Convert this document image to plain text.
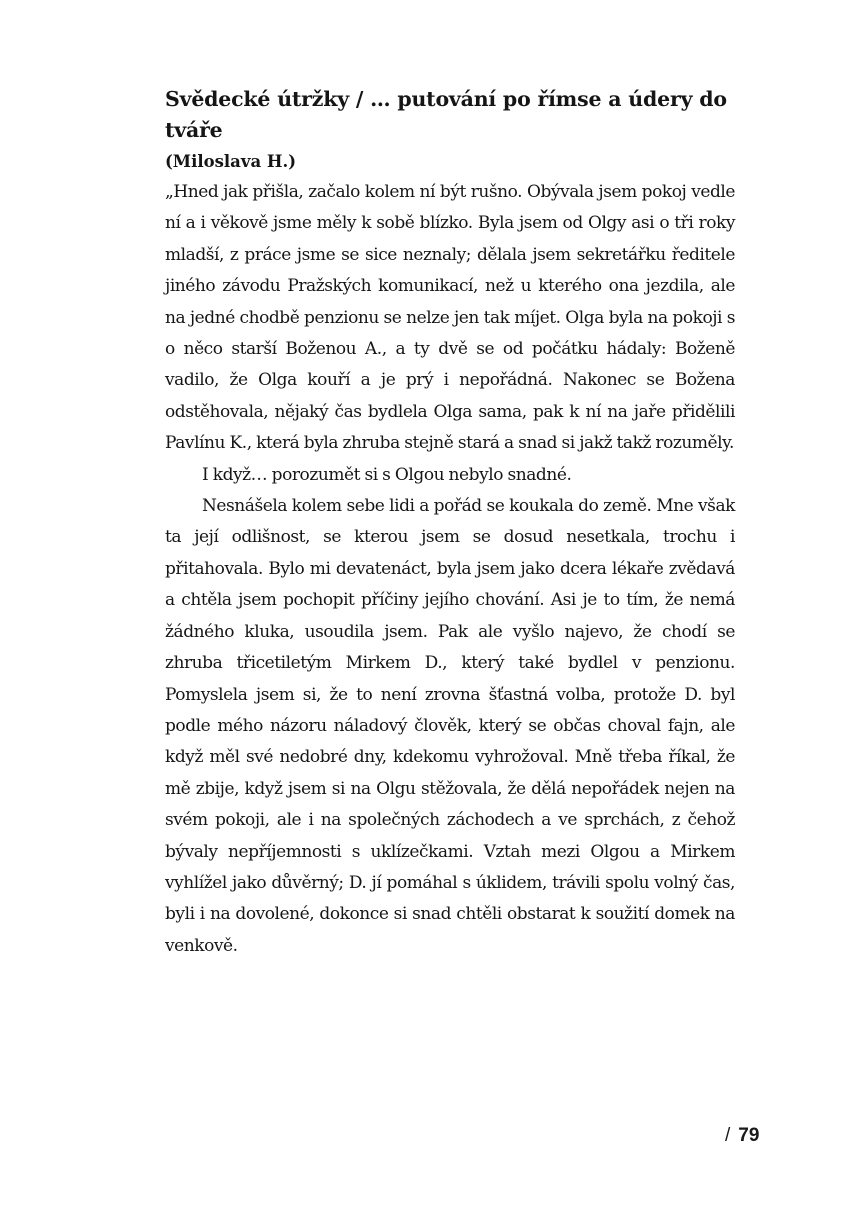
Svědecké útržky / … putování po římse a údery do tváře

(Miloslava H.)

„Hned jak přišla, začalo kolem ní být rušno. Obývala jsem pokoj vedle ní a i věkově jsme měly k sobě blízko. Byla jsem od Olgy asi o tři roky mladší, z práce jsme se sice neznaly; dělala jsem sekretářku ředitele jiného závodu Pražských komunikací, než u kterého ona jezdila, ale na jedné chodbě penzionu se nelze jen tak míjet. Olga byla na pokoji s o něco starší Boženou A., a ty dvě se od počátku hádaly: Boženě vadilo, že Olga kouří a je prý i nepořádná. Nakonec se Božena odstěhovala, nějaký čas bydlela Olga sama, pak k ní na jaře přidělili Pavlínu K., která byla zhruba stejně stará a snad si jakž takž rozuměly.

I když… porozumět si s Olgou nebylo snadné.

Nesnášela kolem sebe lidi a pořád se koukala do země. Mne však ta její odlišnost, se kterou jsem se dosud nesetkala, trochu i přitahovala. Bylo mi devatenáct, byla jsem jako dcera lékaře zvědavá a chtěla jsem pochopit příčiny jejího chování. Asi je to tím, že nemá žádného kluka, usoudila jsem. Pak ale vyšlo najevo, že chodí se zhruba třicetiletým Mirkem D., který také bydlel v penzionu. Pomyslela jsem si, že to není zrovna šťastná volba, protože D. byl podle mého názoru náladový člověk, který se občas choval fajn, ale když měl své nedobré dny, kdekomu vyhrožoval. Mně třeba říkal, že mě zbije, když jsem si na Olgu stěžovala, že dělá nepořádek nejen na svém pokoji, ale i na společných záchodech a ve sprchách, z čehož bývaly nepříjemnosti s uklízečkami. Vztah mezi Olgou a Mirkem vyhlížel jako důvěrný; D. jí pomáhal s úklidem, trávili spolu volný čas, byli i na dovolené, dokonce si snad chtěli obstarat k soužití domek na venkově.

/ 79
